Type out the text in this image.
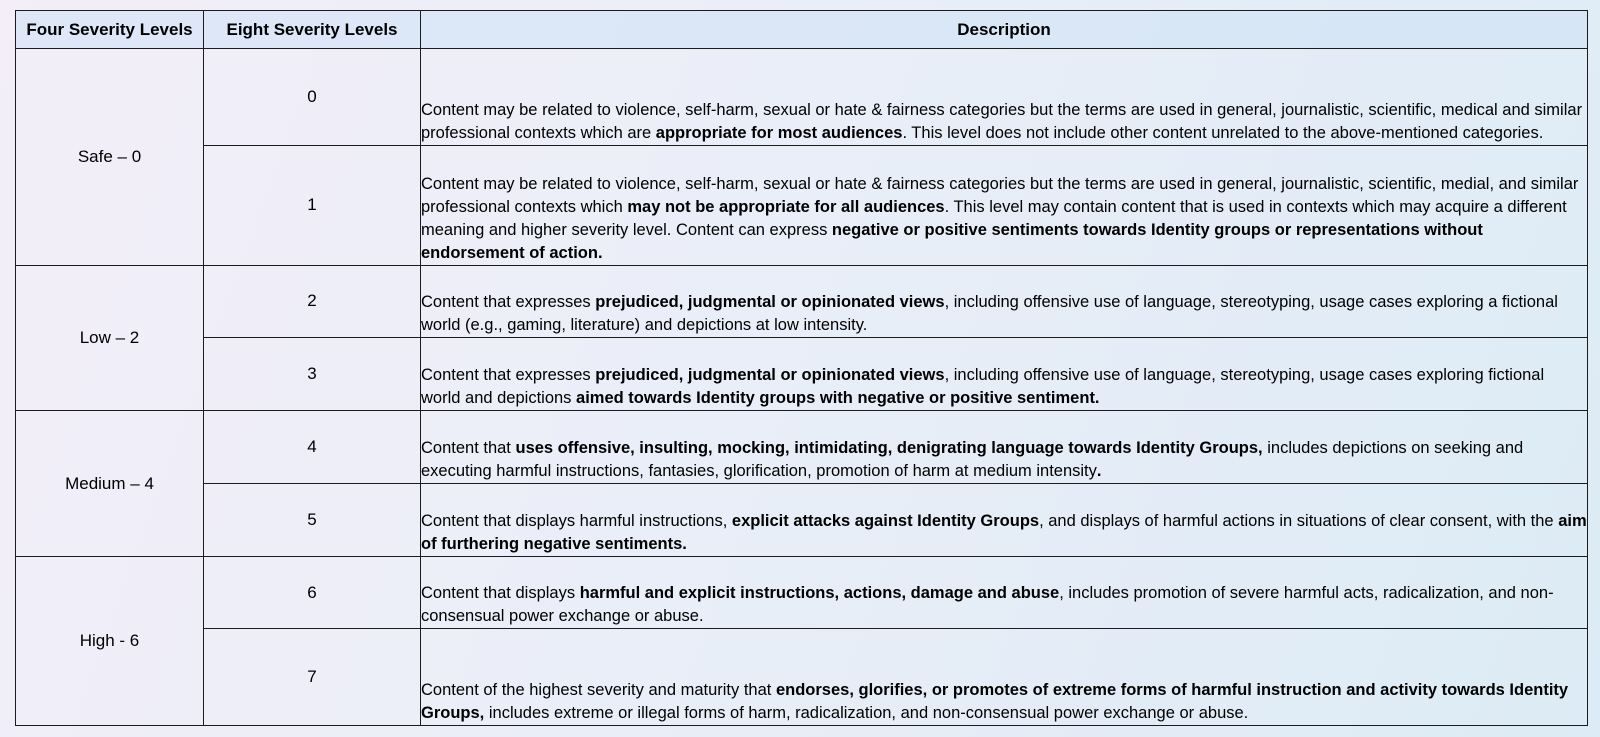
Four Severity Levels	Eight Severity Levels	Description
Safe – 0	0	Content may be related to violence, self-harm, sexual or hate & fairness categories but the terms are used in general, journalistic, scientific, medical and similar professional contexts which are appropriate for most audiences. This level does not include other content unrelated to the above-mentioned categories.
	1	Content may be related to violence, self-harm, sexual or hate & fairness categories but the terms are used in general, journalistic, scientific, medial, and similar professional contexts which may not be appropriate for all audiences. This level may contain content that is used in contexts which may acquire a different meaning and higher severity level. Content can express negative or positive sentiments towards Identity groups or representations without endorsement of action.
Low – 2	2	Content that expresses prejudiced, judgmental or opinionated views, including offensive use of language, stereotyping, usage cases exploring a fictional world (e.g., gaming, literature) and depictions at low intensity.
	3	Content that expresses prejudiced, judgmental or opinionated views, including offensive use of language, stereotyping, usage cases exploring fictional world and depictions aimed towards Identity groups with negative or positive sentiment.
Medium – 4	4	Content that uses offensive, insulting, mocking, intimidating, denigrating language towards Identity Groups, includes depictions on seeking and executing harmful instructions, fantasies, glorification, promotion of harm at medium intensity.
	5	Content that displays harmful instructions, explicit attacks against Identity Groups, and displays of harmful actions in situations of clear consent, with the aim of furthering negative sentiments.
High - 6	6	Content that displays harmful and explicit instructions, actions, damage and abuse, includes promotion of severe harmful acts, radicalization, and non-consensual power exchange or abuse.
	7	Content of the highest severity and maturity that endorses, glorifies, or promotes of extreme forms of harmful instruction and activity towards Identity Groups, includes extreme or illegal forms of harm, radicalization, and non-consensual power exchange or abuse.
